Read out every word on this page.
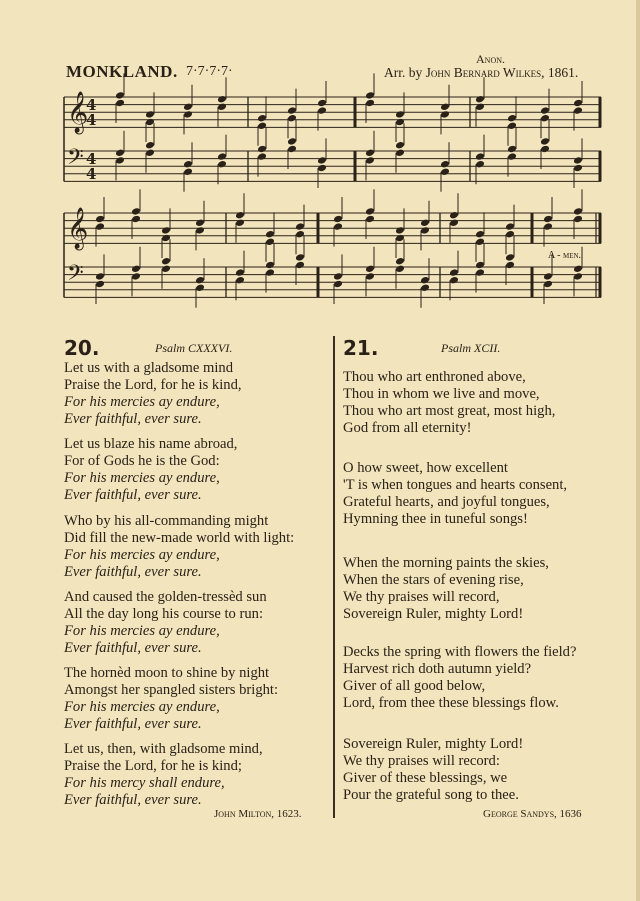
MONKLAND. 7·7·7·7·
Anon.
Arr. by John Bernard Wilkes, 1861.
𝄞
𝄢
𝄞
𝄢
4
4
4
4
A - men.
20.	Psalm CXXXVI.	21.	Psalm XCII.
Let us with a gladsome mind
Praise the Lord, for he is kind,
For his mercies ay endure,
Ever faithful, ever sure.
Let us blaze his name abroad,
For of Gods he is the God:
For his mercies ay endure,
Ever faithful, ever sure.
Who by his all-commanding might
Did fill the new-made world with light:
For his mercies ay endure,
Ever faithful, ever sure.
And caused the golden-tressèd sun
All the day long his course to run:
For his mercies ay endure,
Ever faithful, ever sure.
The hornèd moon to shine by night
Amongst her spangled sisters bright:
For his mercies ay endure,
Ever faithful, ever sure.
Let us, then, with gladsome mind,
Praise the Lord, for he is kind;
For his mercy shall endure,
Ever faithful, ever sure.
Thou who art enthroned above,
Thou in whom we live and move,
Thou who art most great, most high,
God from all eternity!
O how sweet, how excellent
'T is when tongues and hearts consent,
Grateful hearts, and joyful tongues,
Hymning thee in tuneful songs!
When the morning paints the skies,
When the stars of evening rise,
We thy praises will record,
Sovereign Ruler, mighty Lord!
Decks the spring with flowers the field?
Harvest rich doth autumn yield?
Giver of all good below,
Lord, from thee these blessings flow.
Sovereign Ruler, mighty Lord!
We thy praises will record:
Giver of these blessings, we
Pour the grateful song to thee.
John Milton, 1623.	George Sandys, 1636
